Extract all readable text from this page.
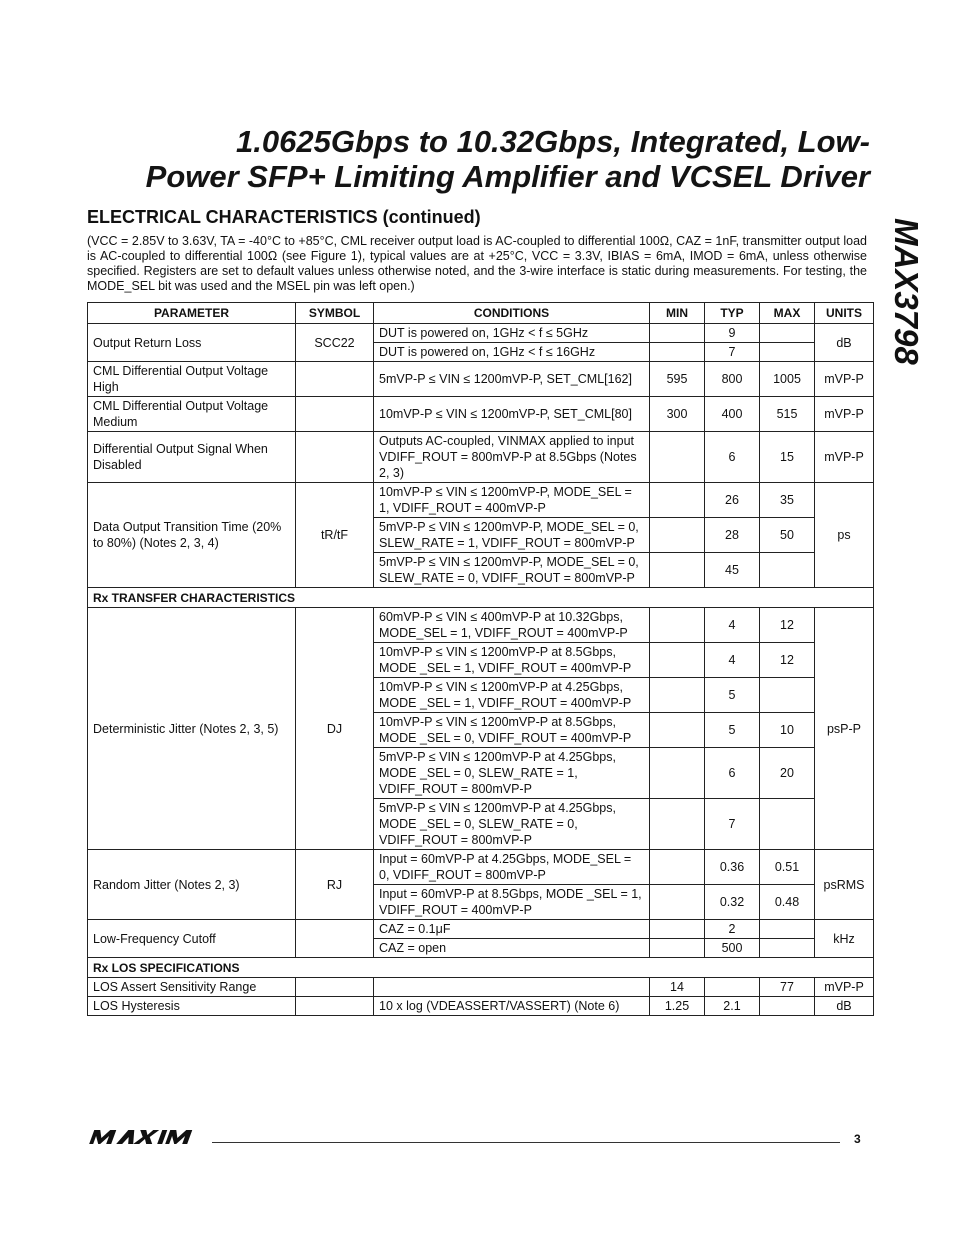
1.0625Gbps to 10.32Gbps, Integrated, Low-
Power SFP+ Limiting Amplifier and VCSEL Driver
MAX3798
ELECTRICAL CHARACTERISTICS (continued)
(VCC = 2.85V to 3.63V, TA = -40°C to +85°C, CML receiver output load is AC-coupled to differential 100Ω, CAZ = 1nF, transmitter output load is AC-coupled to differential 100Ω (see Figure 1), typical values are at +25°C, VCC = 3.3V, IBIAS = 6mA, IMOD = 6mA, unless otherwise specified. Registers are set to default values unless otherwise noted, and the 3-wire interface is static during measurements. For testing, the MODE_SEL bit was used and the MSEL pin was left open.)
PARAMETER	SYMBOL	CONDITIONS	MIN	TYP	MAX	UNITS
Output Return Loss	SCC22	DUT is powered on, 1GHz < f ≤ 5GHz		9		dB
		DUT is powered on, 1GHz < f ≤ 16GHz		7		
CML Differential Output Voltage High		5mVP-P ≤ VIN ≤ 1200mVP-P, SET_CML[162]	595	800	1005	mVP-P
CML Differential Output Voltage Medium		10mVP-P ≤ VIN ≤ 1200mVP-P, SET_CML[80]	300	400	515	mVP-P
Differential Output Signal When Disabled		Outputs AC-coupled, VINMAX applied to input VDIFF_ROUT = 800mVP-P at 8.5Gbps (Notes 2, 3)		6	15	mVP-P
Data Output Transition Time (20% to 80%) (Notes 2, 3, 4)	tR/tF	10mVP-P ≤ VIN ≤ 1200mVP-P, MODE_SEL = 1, VDIFF_ROUT = 400mVP-P		26	35	ps
		5mVP-P ≤ VIN ≤ 1200mVP-P, MODE_SEL = 0, SLEW_RATE = 1, VDIFF_ROUT = 800mVP-P		28	50	
		5mVP-P ≤ VIN ≤ 1200mVP-P, MODE_SEL = 0, SLEW_RATE = 0, VDIFF_ROUT = 800mVP-P		45		
Rx TRANSFER CHARACTERISTICS						
Deterministic Jitter (Notes 2, 3, 5)	DJ	60mVP-P ≤ VIN ≤ 400mVP-P at 10.32Gbps, MODE_SEL = 1, VDIFF_ROUT = 400mVP-P		4	12	psP-P
		10mVP-P ≤ VIN ≤ 1200mVP-P at 8.5Gbps, MODE _SEL = 1, VDIFF_ROUT = 400mVP-P		4	12	
		10mVP-P ≤ VIN ≤ 1200mVP-P at 4.25Gbps, MODE _SEL = 1, VDIFF_ROUT = 400mVP-P		5		
		10mVP-P ≤ VIN ≤ 1200mVP-P at 8.5Gbps, MODE _SEL = 0, VDIFF_ROUT = 400mVP-P		5	10	
		5mVP-P ≤ VIN ≤ 1200mVP-P at 4.25Gbps, MODE _SEL = 0, SLEW_RATE = 1, VDIFF_ROUT = 800mVP-P		6	20	
		5mVP-P ≤ VIN ≤ 1200mVP-P at 4.25Gbps, MODE _SEL = 0, SLEW_RATE = 0, VDIFF_ROUT = 800mVP-P		7		
Random Jitter (Notes 2, 3)	RJ	Input = 60mVP-P at 4.25Gbps, MODE_SEL = 0, VDIFF_ROUT = 800mVP-P		0.36	0.51	psRMS
		Input = 60mVP-P at 8.5Gbps, MODE _SEL = 1, VDIFF_ROUT = 400mVP-P		0.32	0.48	
Low-Frequency Cutoff		CAZ = 0.1μF		2		kHz
		CAZ = open		500		
Rx LOS SPECIFICATIONS						
LOS Assert Sensitivity Range			14		77	mVP-P
LOS Hysteresis		10 x log (VDEASSERT/VASSERT) (Note 6)	1.25	2.1		dB
3
